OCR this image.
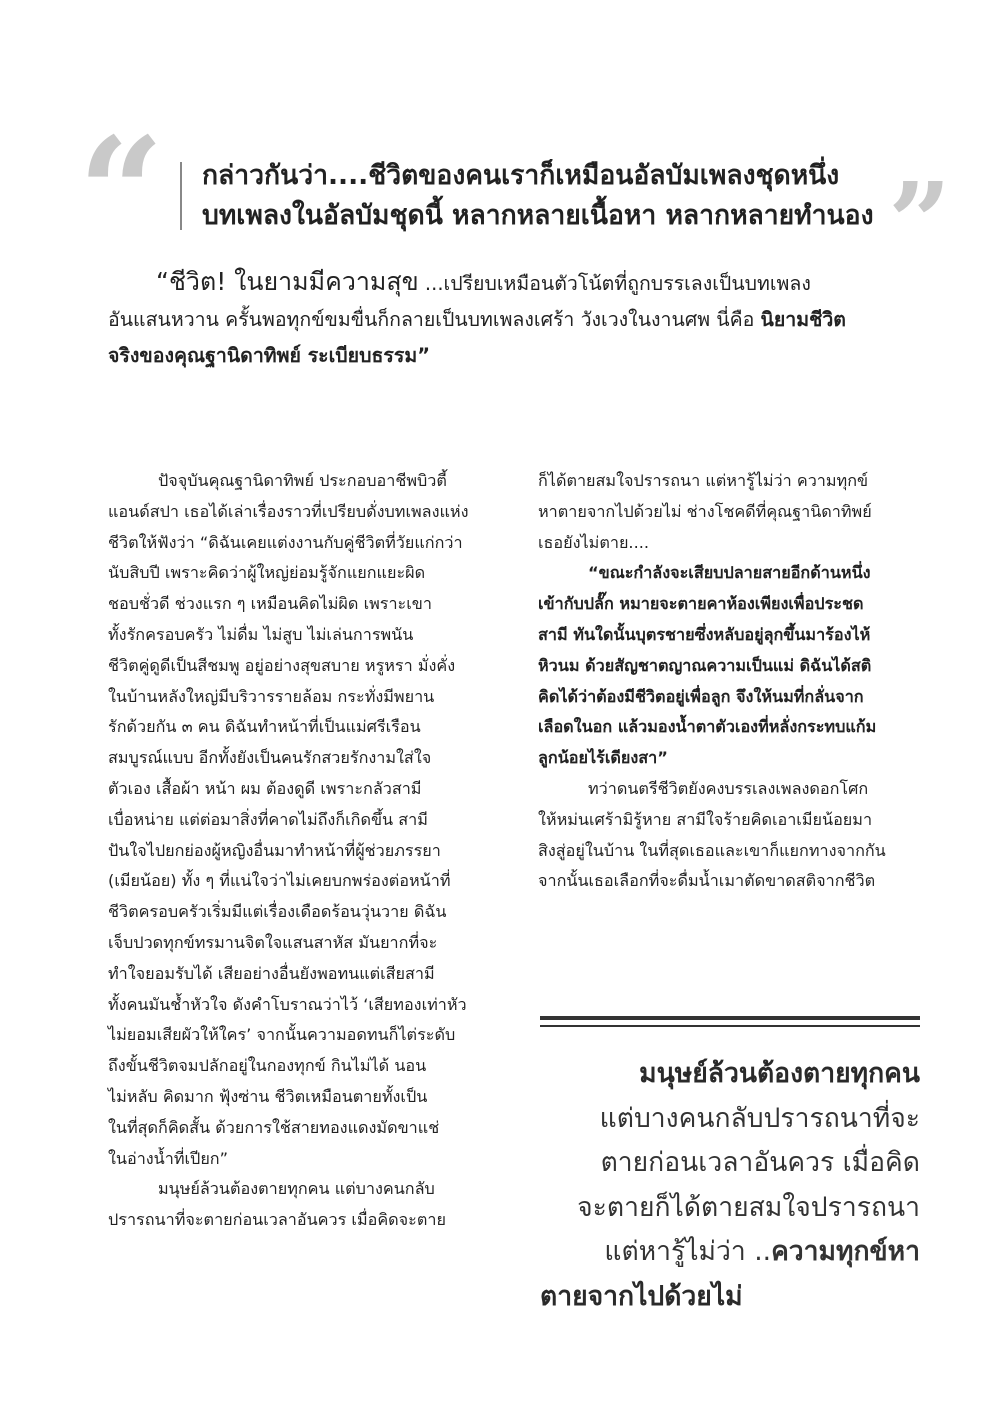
“ กล่าวกันว่า....ชีวิตของคนเราก็เหมือนอัลบัมเพลงชุดหนึ่ง
บทเพลงในอัลบัมชุดนี้ หลากหลายเนื้อหา หลากหลายทำนอง ”
“ชีวิต! ในยามมีความสุข ...เปรียบเหมือนตัวโน้ตที่ถูกบรรเลงเป็นบทเพลง
อันแสนหวาน ครั้นพอทุกข์ขมขื่นก็กลายเป็นบทเพลงเศร้า วังเวงในงานศพ นี่คือ นิยามชีวิต
จริงของคุณฐานิดาทิพย์ ระเบียบธรรม”
ปัจจุบันคุณฐานิดาทิพย์ ประกอบอาชีพบิวตี้
แอนด์สปา เธอได้เล่าเรื่องราวที่เปรียบดั่งบทเพลงแห่ง
ชีวิตให้ฟังว่า “ดิฉันเคยแต่งงานกับคู่ชีวิตที่วัยแก่กว่า
นับสิบปี เพราะคิดว่าผู้ใหญ่ย่อมรู้จักแยกแยะผิด
ชอบชั่วดี ช่วงแรก ๆ เหมือนคิดไม่ผิด เพราะเขา
ทั้งรักครอบครัว ไม่ดื่ม ไม่สูบ ไม่เล่นการพนัน
ชีวิตคู่ดูดีเป็นสีชมพู อยู่อย่างสุขสบาย หรูหรา มั่งคั่ง
ในบ้านหลังใหญ่มีบริวารรายล้อม กระทั่งมีพยาน
รักด้วยกัน ๓ คน ดิฉันทำหน้าที่เป็นแม่ศรีเรือน
สมบูรณ์แบบ อีกทั้งยังเป็นคนรักสวยรักงามใส่ใจ
ตัวเอง เสื้อผ้า หน้า ผม ต้องดูดี เพราะกลัวสามี
เบื่อหน่าย แต่ต่อมาสิ่งที่คาดไม่ถึงก็เกิดขึ้น สามี
ปันใจไปยกย่องผู้หญิงอื่นมาทำหน้าที่ผู้ช่วยภรรยา
(เมียน้อย) ทั้ง ๆ ที่แน่ใจว่าไม่เคยบกพร่องต่อหน้าที่
ชีวิตครอบครัวเริ่มมีแต่เรื่องเดือดร้อนวุ่นวาย ดิฉัน
เจ็บปวดทุกข์ทรมานจิตใจแสนสาหัส มันยากที่จะ
ทำใจยอมรับได้ เสียอย่างอื่นยังพอทนแต่เสียสามี
ทั้งคนมันช้ำหัวใจ ดังคำโบราณว่าไว้ ‘เสียทองเท่าหัว
ไม่ยอมเสียผัวให้ใคร’ จากนั้นความอดทนก็ไต่ระดับ
ถึงขั้นชีวิตจมปลักอยู่ในกองทุกข์ กินไม่ได้ นอน
ไม่หลับ คิดมาก ฟุ้งซ่าน ชีวิตเหมือนตายทั้งเป็น
ในที่สุดก็คิดสั้น ด้วยการใช้สายทองแดงมัดขาแช่
ในอ่างน้ำที่เปียก”
มนุษย์ล้วนต้องตายทุกคน แต่บางคนกลับ
ปรารถนาที่จะตายก่อนเวลาอันควร เมื่อคิดจะตาย
ก็ได้ตายสมใจปรารถนา แต่หารู้ไม่ว่า ความทุกข์
หาตายจากไปด้วยไม่ ช่างโชคดีที่คุณฐานิดาทิพย์
เธอยังไม่ตาย....
“ขณะกำลังจะเสียบปลายสายอีกด้านหนึ่ง
เข้ากับปลั๊ก หมายจะตายคาห้องเพียงเพื่อประชด
สามี ทันใดนั้นบุตรชายซึ่งหลับอยู่ลุกขึ้นมาร้องไห้
หิวนม ด้วยสัญชาตญาณความเป็นแม่ ดิฉันได้สติ
คิดได้ว่าต้องมีชีวิตอยู่เพื่อลูก จึงให้นมที่กลั่นจาก
เลือดในอก แล้วมองน้ำตาตัวเองที่หลั่งกระทบแก้ม
ลูกน้อยไร้เดียงสา”
ทว่าดนตรีชีวิตยังคงบรรเลงเพลงดอกโศก
ให้หม่นเศร้ามิรู้หาย สามีใจร้ายคิดเอาเมียน้อยมา
สิงสู่อยู่ในบ้าน ในที่สุดเธอและเขาก็แยกทางจากกัน
จากนั้นเธอเลือกที่จะดื่มน้ำเมาตัดขาดสติจากชีวิต
มนุษย์ล้วนต้องตายทุกคน
แต่บางคนกลับปรารถนาที่จะ
ตายก่อนเวลาอันควร เมื่อคิด
จะตายก็ได้ตายสมใจปรารถนา
แต่หารู้ไม่ว่า ..ความทุกข์หา
ตายจากไปด้วยไม่
